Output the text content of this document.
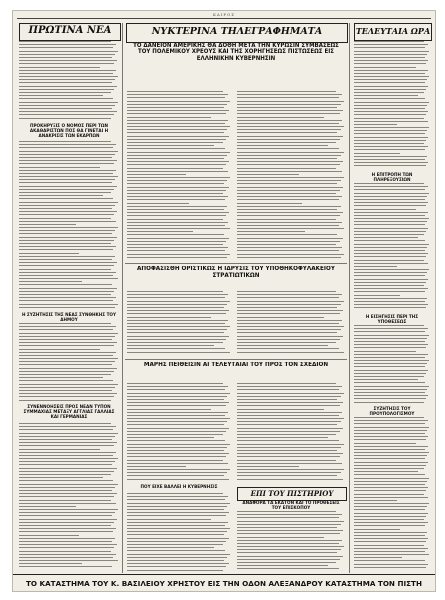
ΚΑΙΡΟΣ
ΠΡΩΤΙΝΑ ΝΕΑ
ΠΡΟΚΗΡΥΞΙΣ Ο ΝΟΜΟΣ ΠΕΡΙ ΤΩΝ ΑΚΑΘΑΡΙΣΤΩΝ ΠΟΣ ΘΑ ΓΙΝΕΤΑΙ Η ΑΝΑΚΡΙΣΙΣ ΤΩΝ ΕΚΑΡΠΩΝ
Η ΣΥΖΗΤΗΣΙΣ ΤΗΣ ΝΕΑΣ ΣΥΝΘΗΚΗΣ ΤΟΥ ΔΗΜΟΥ
ΣΥΝΕΝΝΟΗΣΕΙΣ ΠΡΟΣ ΝΕΑΝ ΤΥΠΟΝ ΣΥΜΜΑΧΙΑΣ ΜΕΤΑΞΥ ΑΓΓΛΙΑΣ ΓΑΛΛΙΑΣ ΚΑΙ ΓΕΡΜΑΝΙΑΣ
ΝΥΚΤΕΡΙΝΑ ΤΗΛΕΓΡΑΦΗΜΑΤΑ
ΤΟ ΔΑΝΕΙΟΝ ΑΜΕΡΙΚΗΣ ΘΑ ΔΟΘΗ ΜΕΤΑ ΤΗΝ ΚΥΡΩΣΙΝ ΣΥΜΒΑΣΕΩΣ ΤΟΥ ΠΟΛΕΜΙΚΟΥ ΧΡΕΟΥΣ ΚΑΙ ΤΗΣ ΧΟΡΗΓΗΣΕΩΣ ΠΙΣΤΩΣΕΩΣ ΕΙΣ ΕΛΛΗΝΙΚΗΝ ΚΥΒΕΡΝΗΣΙΝ
ΑΠΟΦΑΣΙΣΘΗ ΟΡΙΣΤΙΚΩΣ Η ΙΔΡΥΣΙΣ ΤΟΥ ΥΠΟΘΗΚΟΦΥΛΑΚΕΙΟΥ ΣΤΡΑΤΙΩΤΙΚΩΝ
ΜΑΡΗΣ ΠΕΙΘΕΙΣΙΝ ΑΙ ΤΕΛΕΥΤΑΙΑΙ ΤΟΥ ΠΡΟΣ ΤΟΝ ΣΧΕΔΙΟΝ
ΠΟΥ ΕΙΧΕ ΒΑΛΛΕΙ Η ΚΥΒΕΡΝΗΣΙΣ
ΕΠΙ ΤΟΥ ΠΙΣΤΗΡΙΟΥ
ΑΝΑΦΟΡΑ ΤΑ ΕΚΑΤΟΝ ΚΑΙ ΤΟ ΠΡΟΘΕΣΕΙΣ ΤΟΥ ΕΠΙΣΚΟΠΟΥ
ΤΕΛΕΥΤΑΙΑ ΩΡΑ
Η ΕΠΙΤΡΟΠΗ ΤΩΝ ΠΛΗΡΕΞΟΥΣΙΩΝ
Η ΕΙΣΗΓΗΣΙΣ ΠΕΡΙ ΤΗΣ ΥΠΟΘΕΣΕΩΣ
ΣΥΖΗΤΗΣΙΣ ΤΟΥ ΠΡΟΥΠΟΛΟΓΙΣΜΟΥ
ΤΟ ΚΑΤΑΣΤΗΜΑ ΤΟΥ Κ. ΒΑΣΙΛΕΙΟΥ ΧΡΗΣΤΟΥ ΕΙΣ ΤΗΝ ΟΔΟΝ ΑΛΕΞΑΝΔΡΟΥ ΚΑΤΑΣΤΗΜΑ ΤΟΝ ΠΙΣΤΗ
